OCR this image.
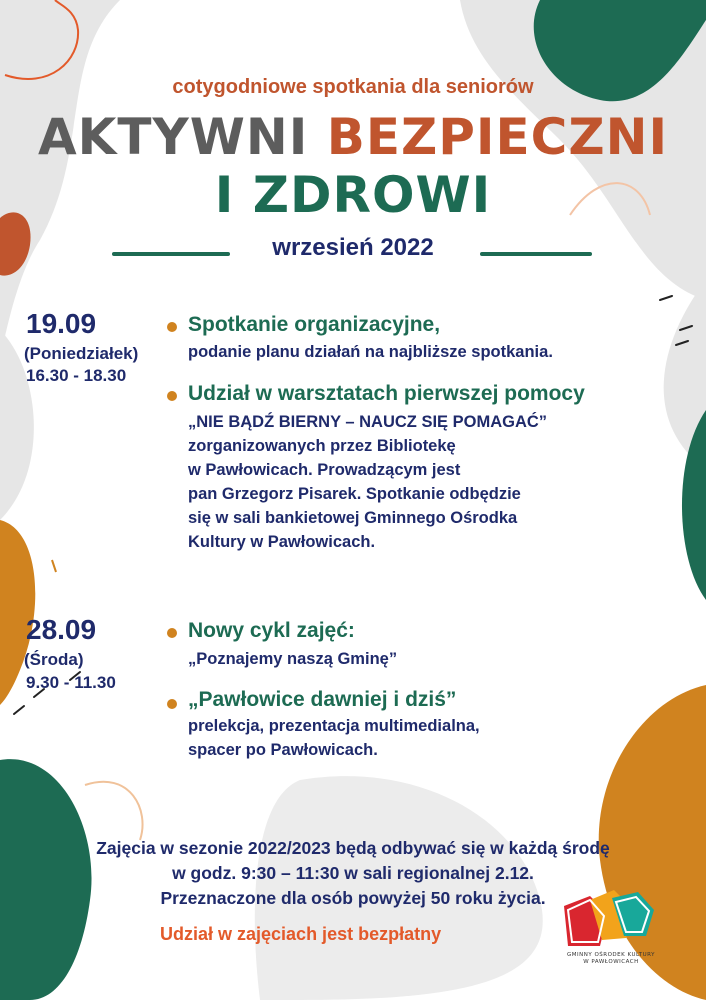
cotygodniowe spotkania dla seniorów
AKTYWNI BEZPIECZNI
I ZDROWI
wrzesień 2022
19.09
(Poniedziałek)
16.30 - 18.30
Spotkanie organizacyjne,
podanie planu działań na najbliższe spotkania.
Udział w warsztatach pierwszej pomocy
„NIE BĄDŹ BIERNY – NAUCZ SIĘ POMAGAĆ”
zorganizowanych przez Bibliotekę
w Pawłowicach. Prowadzącym jest
pan Grzegorz Pisarek. Spotkanie odbędzie
się w sali bankietowej Gminnego Ośrodka
Kultury w Pawłowicach.
28.09
(Środa)
9.30 - 11.30
Nowy cykl zajęć:
„Poznajemy naszą Gminę”
„Pawłowice dawniej i dziś”
prelekcja, prezentacja multimedialna,
spacer po Pawłowicach.
Zajęcia w sezonie 2022/2023 będą odbywać się w każdą środę
w godz. 9:30 – 11:30 w sali regionalnej 2.12.
Przeznaczone dla osób powyżej 50 roku życia.
Udział w zajęciach jest bezpłatny
GMINNY OŚRODEK KULTURY
W PAWŁOWICACH
